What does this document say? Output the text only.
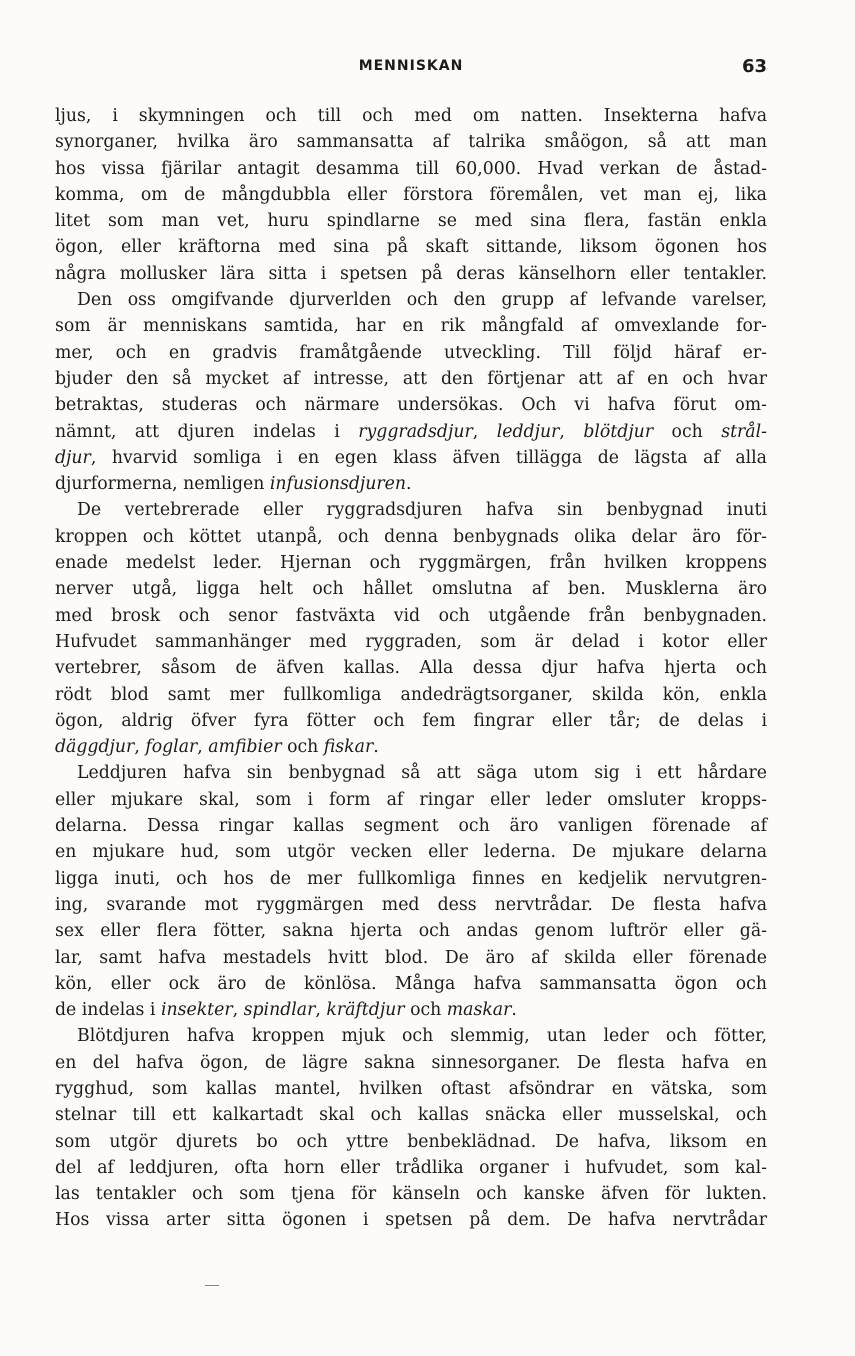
MENNISKAN	63
ljus, i skymningen och till och med om natten. Insekterna hafva
synorganer, hvilka äro sammansatta af talrika småögon, så att man
hos vissa fjärilar antagit desamma till 60,000. Hvad verkan de åstad-
komma, om de mångdubbla eller förstora föremålen, vet man ej, lika
litet som man vet, huru spindlarne se med sina flera, fastän enkla
ögon, eller kräftorna med sina på skaft sittande, liksom ögonen hos
några mollusker lära sitta i spetsen på deras känselhorn eller tentakler.
Den oss omgifvande djurverlden och den grupp af lefvande varelser,
som är menniskans samtida, har en rik mångfald af omvexlande for-
mer, och en gradvis framåtgående utveckling. Till följd häraf er-
bjuder den så mycket af intresse, att den förtjenar att af en och hvar
betraktas, studeras och närmare undersökas. Och vi hafva förut om-
nämnt, att djuren indelas i ryggradsdjur, leddjur, blötdjur och strål-
djur, hvarvid somliga i en egen klass äfven tillägga de lägsta af alla
djurformerna, nemligen infusionsdjuren.
De vertebrerade eller ryggradsdjuren hafva sin benbygnad inuti
kroppen och köttet utanpå, och denna benbygnads olika delar äro för-
enade medelst leder. Hjernan och ryggmärgen, från hvilken kroppens
nerver utgå, ligga helt och hållet omslutna af ben. Musklerna äro
med brosk och senor fastväxta vid och utgående från benbygnaden.
Hufvudet sammanhänger med ryggraden, som är delad i kotor eller
vertebrer, såsom de äfven kallas. Alla dessa djur hafva hjerta och
rödt blod samt mer fullkomliga andedrägtsorganer, skilda kön, enkla
ögon, aldrig öfver fyra fötter och fem fingrar eller tår; de delas i
däggdjur, foglar, amfibier och fiskar.
Leddjuren hafva sin benbygnad så att säga utom sig i ett hårdare
eller mjukare skal, som i form af ringar eller leder omsluter kropps-
delarna. Dessa ringar kallas segment och äro vanligen förenade af
en mjukare hud, som utgör vecken eller lederna. De mjukare delarna
ligga inuti, och hos de mer fullkomliga finnes en kedjelik nervutgren-
ing, svarande mot ryggmärgen med dess nervtrådar. De flesta hafva
sex eller flera fötter, sakna hjerta och andas genom luftrör eller gä-
lar, samt hafva mestadels hvitt blod. De äro af skilda eller förenade
kön, eller ock äro de könlösa. Många hafva sammansatta ögon och
de indelas i insekter, spindlar, kräftdjur och maskar.
Blötdjuren hafva kroppen mjuk och slemmig, utan leder och fötter,
en del hafva ögon, de lägre sakna sinnesorganer. De flesta hafva en
rygghud, som kallas mantel, hvilken oftast afsöndrar en vätska, som
stelnar till ett kalkartadt skal och kallas snäcka eller musselskal, och
som utgör djurets bo och yttre benbeklädnad. De hafva, liksom en
del af leddjuren, ofta horn eller trådlika organer i hufvudet, som kal-
las tentakler och som tjena för känseln och kanske äfven för lukten.
Hos vissa arter sitta ögonen i spetsen på dem. De hafva nervtrådar
